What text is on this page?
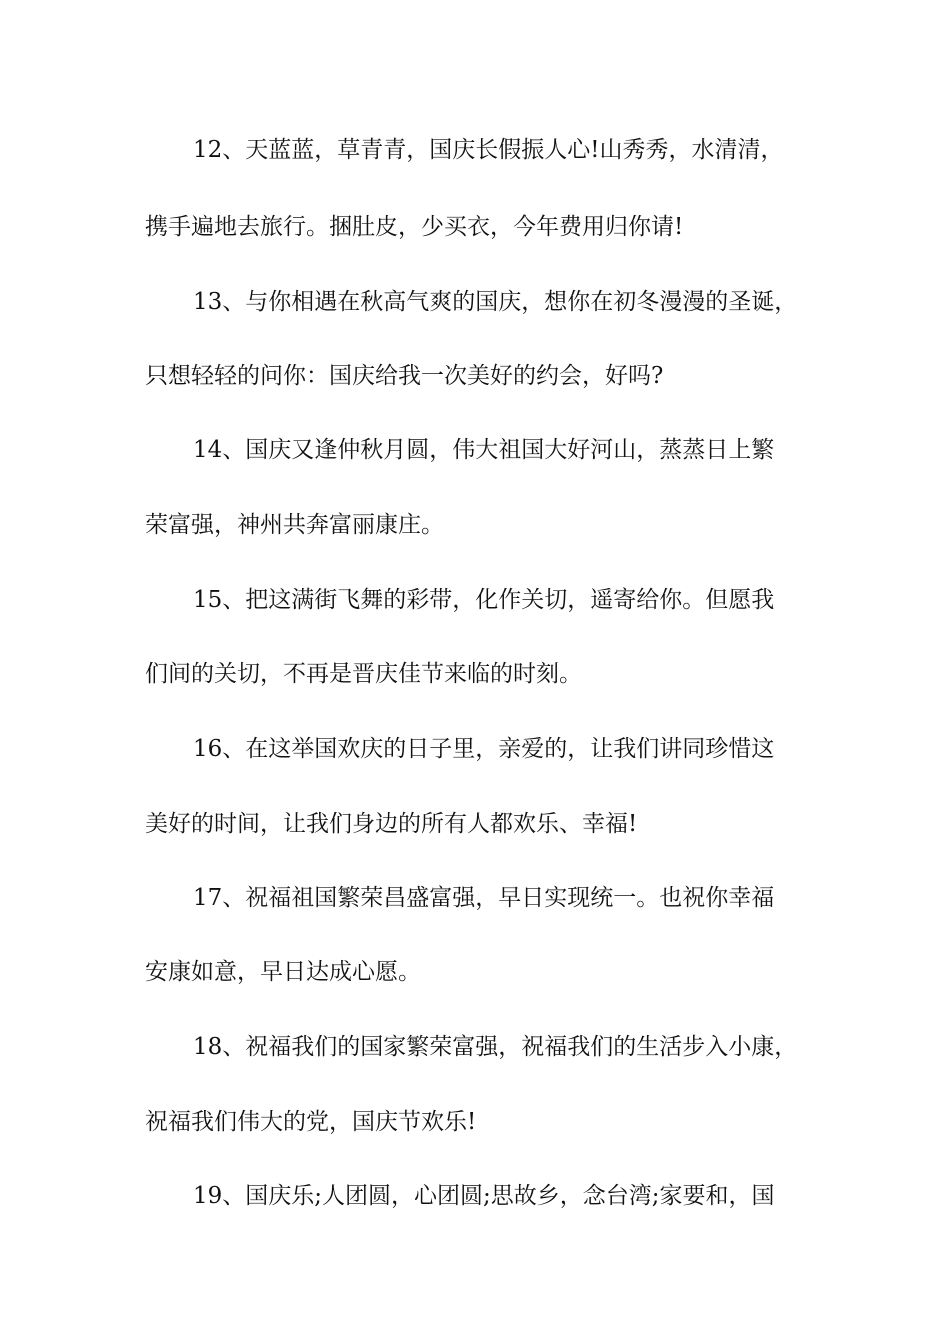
12、天蓝蓝，草青青，国庆长假振人心!山秀秀，水清清，
携手遍地去旅行。捆肚皮，少买衣，今年费用归你请!
13、与你相遇在秋高气爽的国庆，想你在初冬漫漫的圣诞，
只想轻轻的问你：国庆给我一次美好的约会，好吗?
14、国庆又逢仲秋月圆，伟大祖国大好河山，蒸蒸日上繁
荣富强，神州共奔富丽康庄。
15、把这满街飞舞的彩带，化作关切，遥寄给你。但愿我
们间的关切，不再是晋庆佳节来临的时刻。
16、在这举国欢庆的日子里，亲爱的，让我们讲同珍惜这
美好的时间，让我们身边的所有人都欢乐、幸福!
17、祝福祖国繁荣昌盛富强，早日实现统一。也祝你幸福
安康如意，早日达成心愿。
18、祝福我们的国家繁荣富强，祝福我们的生活步入小康，
祝福我们伟大的党，国庆节欢乐!
19、国庆乐;人团圆，心团圆;思故乡，念台湾;家要和，国
